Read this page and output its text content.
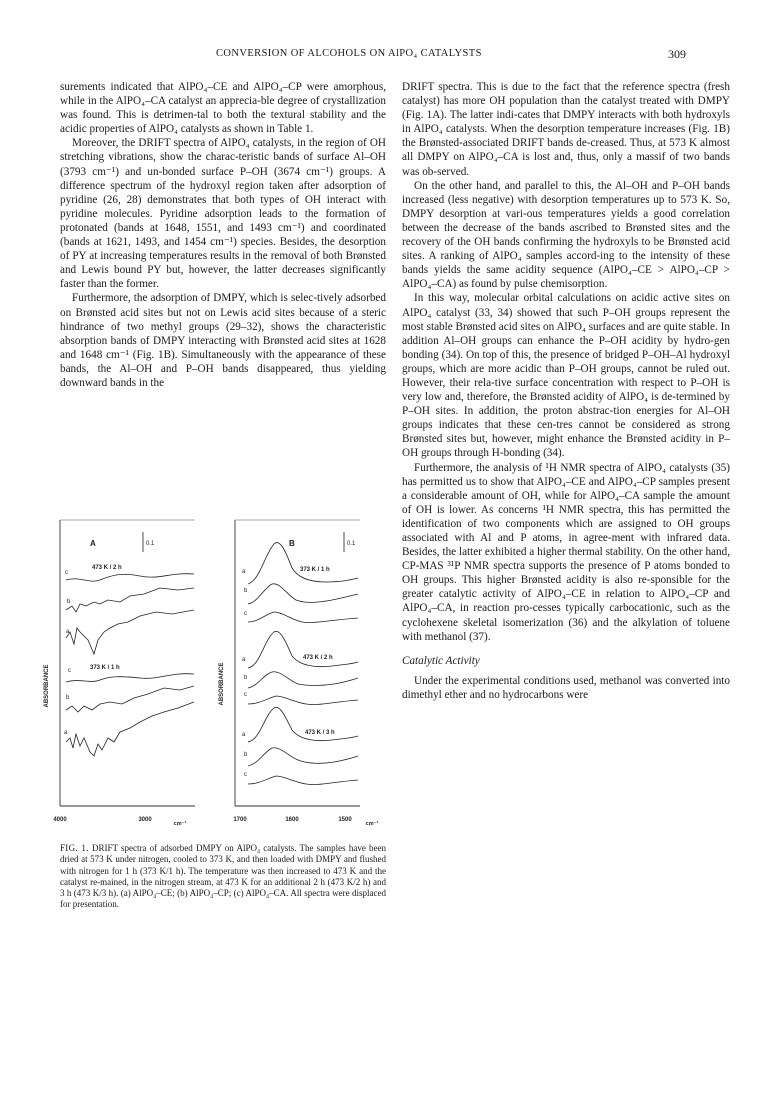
CONVERSION OF ALCOHOLS ON AlPO₄ CATALYSTS	309

surements indicated that AlPO₄–CE and AlPO₄–CP were amorphous, while in the AlPO₄–CA catalyst an apprecia-ble degree of crystallization was found. This is detrimen-tal to both the textural stability and the acidic properties of AlPO₄ catalysts as shown in Table 1.

Moreover, the DRIFT spectra of AlPO₄ catalysts, in the region of OH stretching vibrations, show the charac-teristic bands of surface Al–OH (3793 cm⁻¹) and un-bonded surface P–OH (3674 cm⁻¹) groups. A difference spectrum of the hydroxyl region taken after adsorption of pyridine (26, 28) demonstrates that both types of OH interact with pyridine molecules. Pyridine adsorption leads to the formation of protonated (bands at 1648, 1551, and 1493 cm⁻¹) and coordinated (bands at 1621, 1493, and 1454 cm⁻¹) species. Besides, the desorption of PY at increasing temperatures results in the removal of both Brønsted and Lewis bound PY but, however, the latter decreases significantly faster than the former.

Furthermore, the adsorption of DMPY, which is selec-tively adsorbed on Brønsted acid sites but not on Lewis acid sites because of a steric hindrance of two methyl groups (29–32), shows the characteristic absorption bands of DMPY interacting with Brønsted acid sites at 1628 and 1648 cm⁻¹ (Fig. 1B). Simultaneously with the appearance of these bands, the Al–OH and P–OH bands disappeared, thus yielding downward bands in the

DRIFT spectra. This is due to the fact that the reference spectra (fresh catalyst) has more OH population than the catalyst treated with DMPY (Fig. 1A). The latter indi-cates that DMPY interacts with both hydroxyls in AlPO₄ catalysts. When the desorption temperature increases (Fig. 1B) the Brønsted-associated DRIFT bands de-creased. Thus, at 573 K almost all DMPY on AlPO₄–CA is lost and, thus, only a massif of two bands was ob-served.

On the other hand, and parallel to this, the Al–OH and P–OH bands increased (less negative) with desorption temperatures up to 573 K. So, DMPY desorption at vari-ous temperatures yields a good correlation between the decrease of the bands ascribed to Brønsted sites and the recovery of the OH bands confirming the hydroxyls to be Brønsted acid sites. A ranking of AlPO₄ samples accord-ing to the intensity of these bands yields the same acidity sequence (AlPO₄–CE > AlPO₄–CP > AlPO₄–CA) as found by pulse chemisorption.

In this way, molecular orbital calculations on acidic active sites on AlPO₄ catalyst (33, 34) showed that such P–OH groups represent the most stable Brønsted acid sites on AlPO₄ surfaces and are quite stable. In addition Al–OH groups can enhance the P–OH acidity by hydro-gen bonding (34). On top of this, the presence of bridged P–OH–Al hydroxyl groups, which are more acidic than P–OH groups, cannot be ruled out. However, their rela-tive surface concentration with respect to P–OH is very low and, therefore, the Brønsted acidity of AlPO₄ is de-termined by P–OH sites. In addition, the proton abstrac-tion energies for Al–OH groups indicates that these cen-tres cannot be considered as strong Brønsted sites but, however, might enhance the Brønsted acidity in P–OH groups through H-bonding (34).

Furthermore, the analysis of ¹H NMR spectra of AlPO₄ catalysts (35) has permitted us to show that AlPO₄–CE and AlPO₄–CP samples present a considerable amount of OH, while for AlPO₄–CA sample the amount of OH is lower. As concerns ¹H NMR spectra, this has permitted the identification of two components which are assigned to OH groups associated with Al and P atoms, in agree-ment with infrared data. Besides, the latter exhibited a higher thermal stability. On the other hand, CP-MAS ³¹P NMR spectra supports the presence of P atoms bonded to OH groups. This higher Brønsted acidity is also re-sponsible for the greater catalytic activity of AlPO₄–CE in relation to AlPO₄–CP and AlPO₄–CA, in reaction pro-cesses typically carbocationic, such as the cyclohexene skeletal isomerization (36) and the alkylation of toluene with methanol (37).

Catalytic Activity

Under the experimental conditions used, methanol was converted into dimethyl ether and no hydrocarbons were

A	0.1
ABSORBANCE
473 K / 2 h
373 K / 1 h
c
b
a
c
b
a
4000	3000
cm⁻¹
B	0.1
ABSORBANCE
373 K / 1 h
473 K / 2 h
473 K / 3 h
a
b
c
a
b
c
a
b
c
1700	1600	1500
cm⁻¹
FIG. 1. DRIFT spectra of adsorbed DMPY on AlPO₄ catalysts. The samples have been dried at 573 K under nitrogen, cooled to 373 K, and then loaded with DMPY and flushed with nitrogen for 1 h (373 K/1 h). The temperature was then increased to 473 K and the catalyst re-mained, in the nitrogen stream, at 473 K for an additional 2 h (473 K/2 h) and 3 h (473 K/3 h). (a) AlPO₄–CE; (b) AlPO₄–CP; (c) AlPO₄–CA. All spectra were displaced for presentation.
